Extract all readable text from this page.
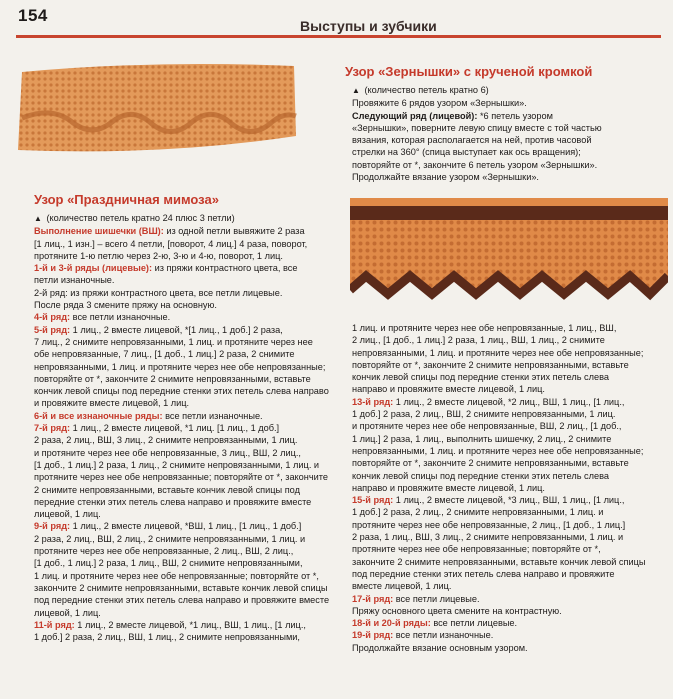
154
Выступы и зубчики
Узор «Зернышки» с крученой кромкой

▲ (количество петель кратно 6)

Провяжите 6 рядов узором «Зернышки».

Следующий ряд (лицевой): *6 петель узором

«Зернышки», поверните левую спицу вместе с той частью

вязания, которая располагается на ней, против часовой

стрелки на 360° (спица выступает как ось вращения);

повторяйте от *, закончите 6 петель узором «Зернышки».

Продолжайте вязание узором «Зернышки».

Узор «Праздничная мимоза»

▲ (количество петель кратно 24 плюс 3 петли)

Выполнение шишечки (ВШ): из одной петли вывяжите 2 раза

[1 лиц., 1 изн.] – всего 4 петли, [поворот, 4 лиц.] 4 раза, поворот,

протяните 1-ю петлю через 2-ю, 3-ю и 4-ю, поворот, 1 лиц.

1-й и 3-й ряды (лицевые): из пряжи контрастного цвета, все

петли изнаночные.

2-й ряд: из пряжи контрастного цвета, все петли лицевые.

После ряда 3 смените пряжу на основную.

4-й ряд: все петли изнаночные.

5-й ряд: 1 лиц., 2 вместе лицевой, *[1 лиц., 1 доб.] 2 раза,

7 лиц., 2 снимите непровязанными, 1 лиц. и протяните через нее

обе непровязанные, 7 лиц., [1 доб., 1 лиц.] 2 раза, 2 снимите

непровязанными, 1 лиц. и протяните через нее обе непровязанные;

повторяйте от *, закончите 2 снимите непровязанными, вставьте

кончик левой спицы под передние стенки этих петель слева направо

и провяжите вместе лицевой, 1 лиц.

6-й и все изнаночные ряды: все петли изнаночные.

7-й ряд: 1 лиц., 2 вместе лицевой, *1 лиц. [1 лиц., 1 доб.]

2 раза, 2 лиц., ВШ, 3 лиц., 2 снимите непровязанными, 1 лиц.

и протяните через нее обе непровязанные, 3 лиц., ВШ, 2 лиц.,

[1 доб., 1 лиц.] 2 раза, 1 лиц., 2 снимите непровязанными, 1 лиц. и

протяните через нее обе непровязанные; повторяйте от *, закончите

2 снимите непровязанными, вставьте кончик левой спицы под

передние стенки этих петель слева направо и провяжите вместе

лицевой, 1 лиц.

9-й ряд: 1 лиц., 2 вместе лицевой, *ВШ, 1 лиц., [1 лиц., 1 доб.]

2 раза, 2 лиц., ВШ, 2 лиц., 2 снимите непровязанными, 1 лиц. и

протяните через нее обе непровязанные, 2 лиц., ВШ, 2 лиц.,

[1 доб., 1 лиц.] 2 раза, 1 лиц., ВШ, 2 снимите непровязанными,

1 лиц. и протяните через нее обе непровязанные; повторяйте от *,

закончите 2 снимите непровязанными, вставьте кончик левой спицы

под передние стенки этих петель слева направо и провяжите вместе

лицевой, 1 лиц.

11-й ряд: 1 лиц., 2 вместе лицевой, *1 лиц., ВШ, 1 лиц., [1 лиц.,

1 доб.] 2 раза, 2 лиц., ВШ, 1 лиц., 2 снимите непровязанными,

1 лиц. и протяните через нее обе непровязанные, 1 лиц., ВШ,

2 лиц., [1 доб., 1 лиц.] 2 раза, 1 лиц., ВШ, 1 лиц., 2 снимите

непровязанными, 1 лиц. и протяните через нее обе непровязанные;

повторяйте от *, закончите 2 снимите непровязанными, вставьте

кончик левой спицы под передние стенки этих петель слева

направо и провяжите вместе лицевой, 1 лиц.

13-й ряд: 1 лиц., 2 вместе лицевой, *2 лиц., ВШ, 1 лиц., [1 лиц.,

1 доб.] 2 раза, 2 лиц., ВШ, 2 снимите непровязанными, 1 лиц.

и протяните через нее обе непровязанные, ВШ, 2 лиц., [1 доб.,

1 лиц.] 2 раза, 1 лиц., выполнить шишечку, 2 лиц., 2 снимите

непровязанными, 1 лиц. и протяните через нее обе непровязанные;

повторяйте от *, закончите 2 снимите непровязанными, вставьте

кончик левой спицы под передние стенки этих петель слева

направо и провяжите вместе лицевой, 1 лиц.

15-й ряд: 1 лиц., 2 вместе лицевой, *3 лиц., ВШ, 1 лиц., [1 лиц.,

1 доб.] 2 раза, 2 лиц., 2 снимите непровязанными, 1 лиц. и

протяните через нее обе непровязанные, 2 лиц., [1 доб., 1 лиц.]

2 раза, 1 лиц., ВШ, 3 лиц., 2 снимите непровязанными, 1 лиц. и

протяните через нее обе непровязанные; повторяйте от *,

закончите 2 снимите непровязанными, вставьте кончик левой спицы

под передние стенки этих петель слева направо и провяжите

вместе лицевой, 1 лиц.

17-й ряд: все петли лицевые.

Пряжу основного цвета смените на контрастную.

18-й и 20-й ряды: все петли лицевые.

19-й ряд: все петли изнаночные.

Продолжайте вязание основным узором.
